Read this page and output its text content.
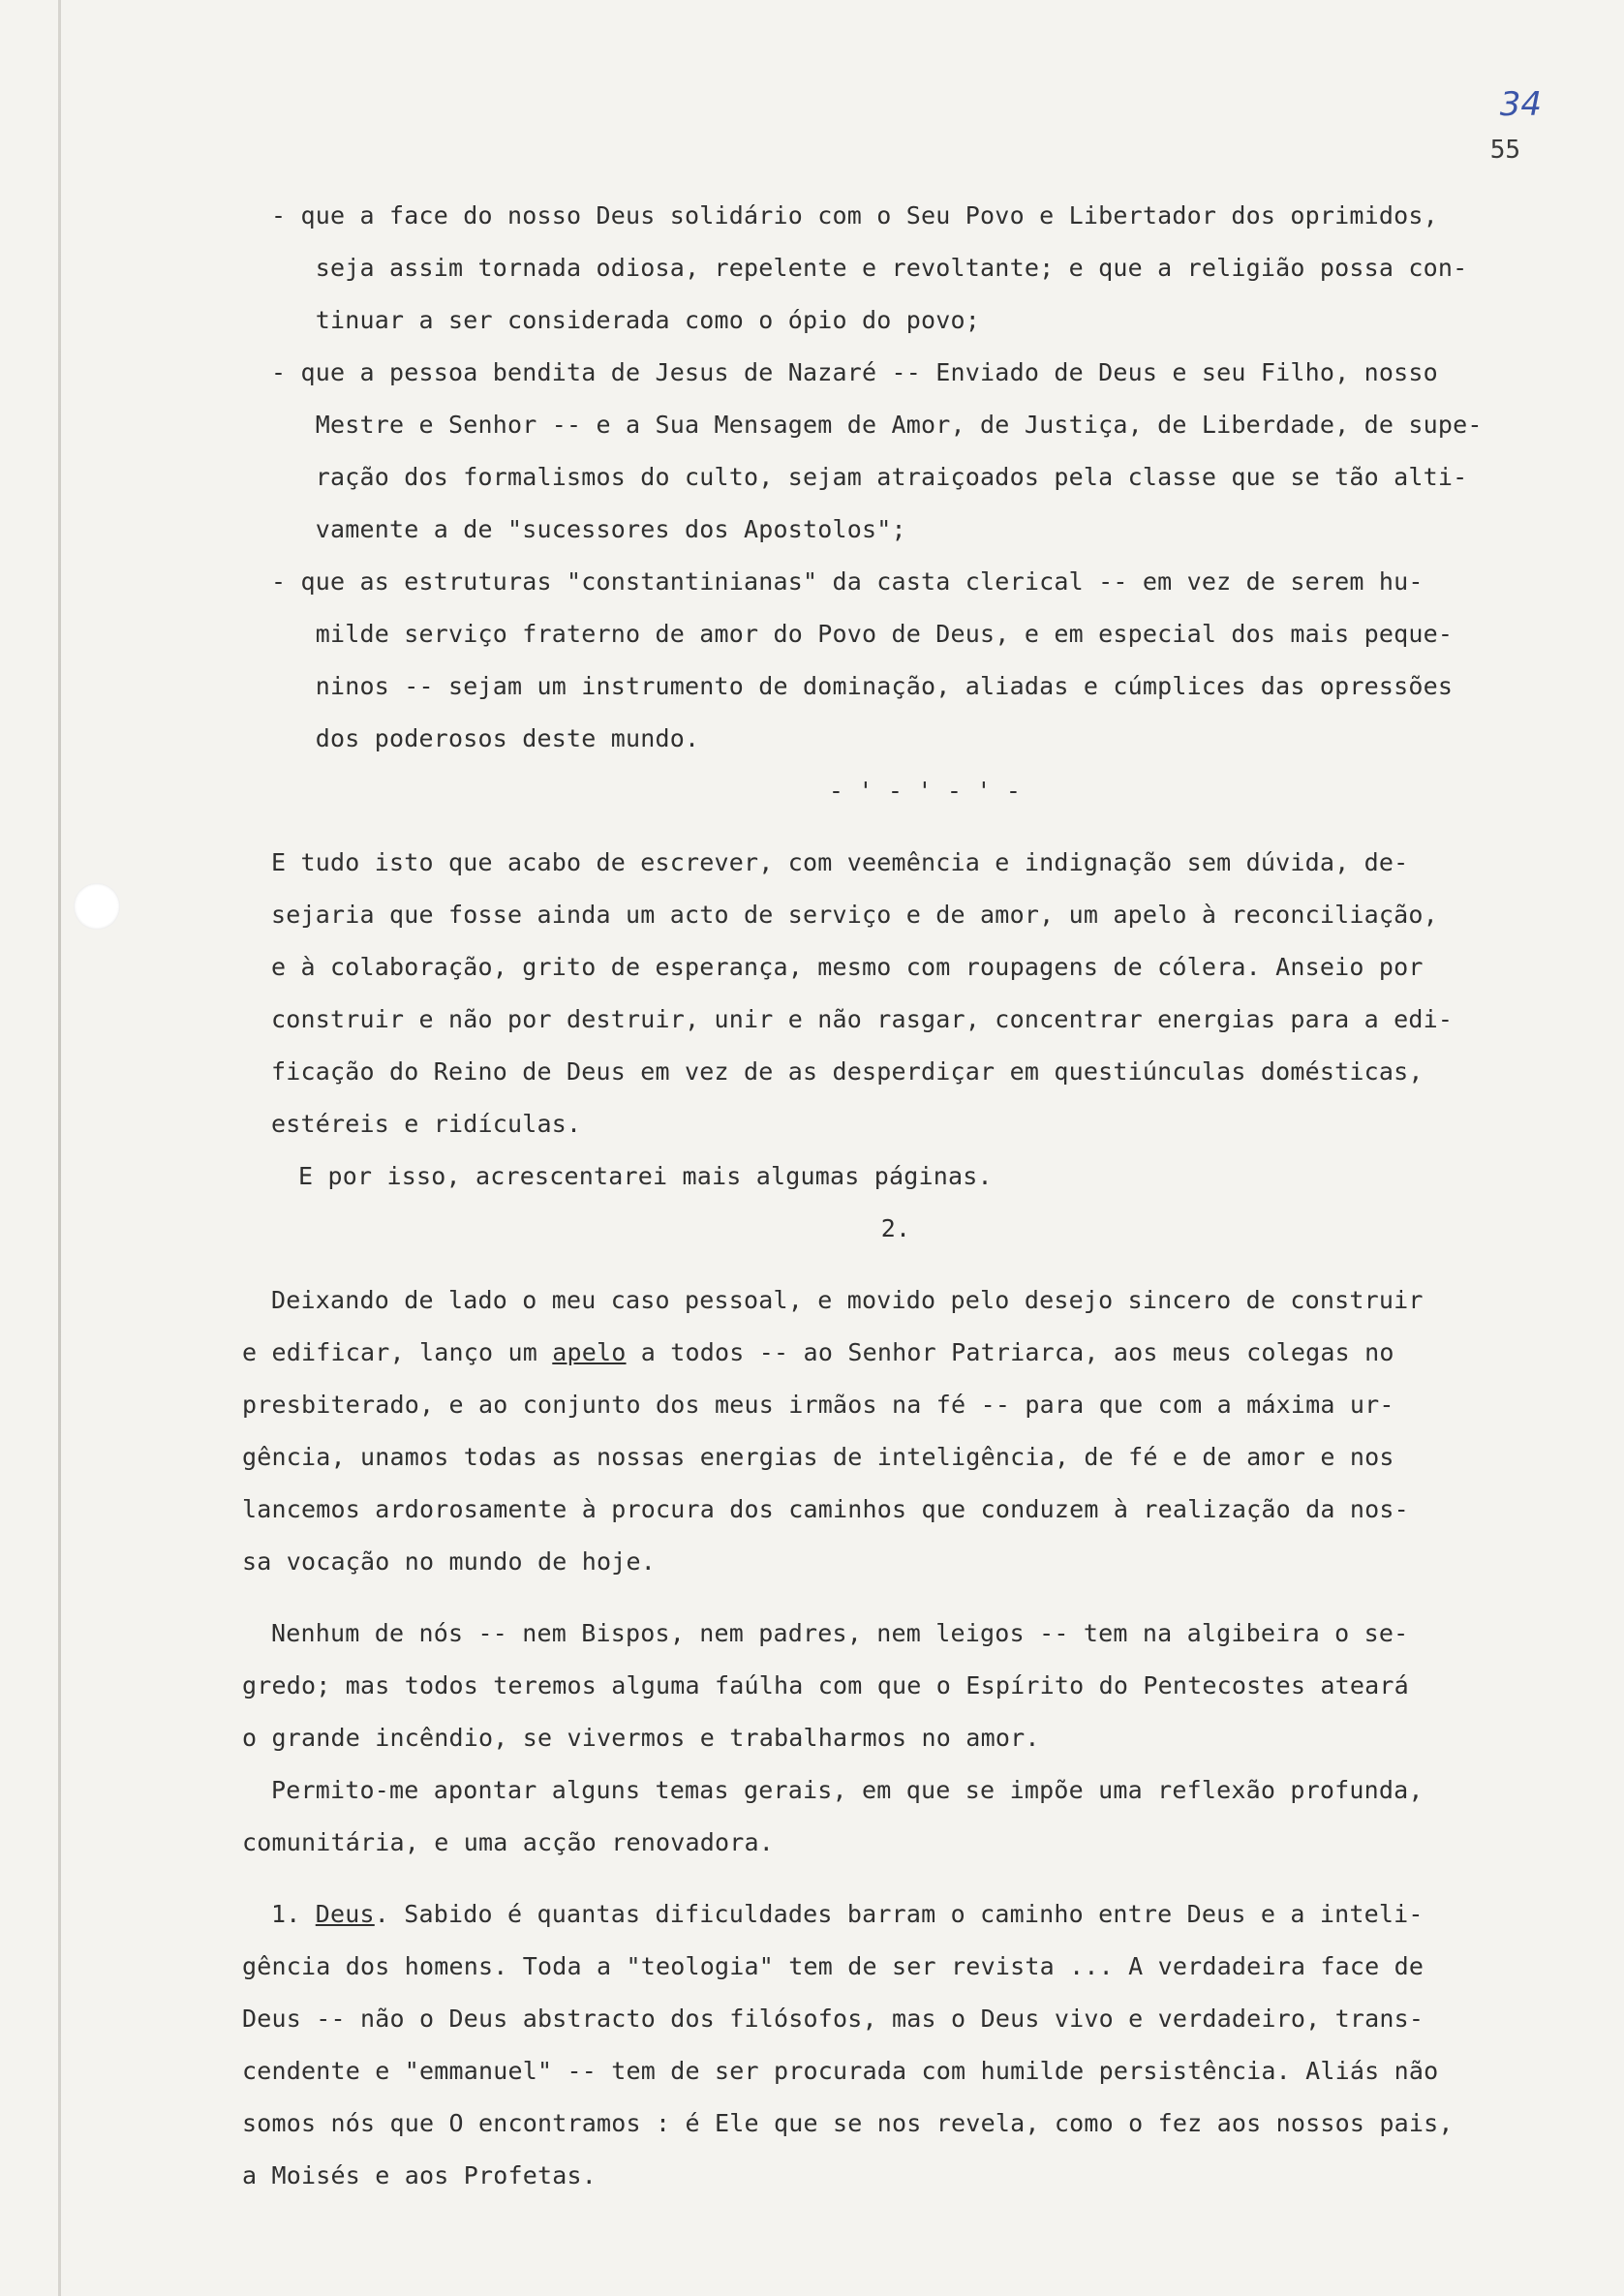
34
55
- que a face do nosso Deus solidário com o Seu Povo e Libertador dos oprimidos,
seja assim tornada odiosa, repelente e revoltante; e que a religião possa con-
tinuar a ser considerada como o ópio do povo;
- que a pessoa bendita de Jesus de Nazaré -- Enviado de Deus e seu Filho, nosso
Mestre e Senhor -- e a Sua Mensagem de Amor, de Justiça, de Liberdade, de supe-
ração dos formalismos do culto, sejam atraiçoados pela classe que se tão alti-
vamente a de "sucessores dos Apostolos";
- que as estruturas "constantinianas" da casta clerical -- em vez de serem hu-
milde serviço fraterno de amor do Povo de Deus, e em especial dos mais peque-
ninos -- sejam um instrumento de dominação, aliadas e cúmplices das opressões
dos poderosos deste mundo.
- ' - ' - ' -
E tudo isto que acabo de escrever, com veemência e indignação sem dúvida, de-
sejaria que fosse ainda um acto de serviço e de amor, um apelo à reconciliação,
e à colaboração, grito de esperança, mesmo com roupagens de cólera. Anseio por
construir e não por destruir, unir e não rasgar, concentrar energias para a edi-
ficação do Reino de Deus em vez de as desperdiçar em questiúnculas domésticas,
estéreis e ridículas.
E por isso, acrescentarei mais algumas páginas.
2.
Deixando de lado o meu caso pessoal, e movido pelo desejo sincero de construir
e edificar, lanço um apelo a todos -- ao Senhor Patriarca, aos meus colegas no
presbiterado, e ao conjunto dos meus irmãos na fé -- para que com a máxima ur-
gência, unamos todas as nossas energias de inteligência, de fé e de amor e nos
lancemos ardorosamente à procura dos caminhos que conduzem à realização da nos-
sa vocação no mundo de hoje.
Nenhum de nós -- nem Bispos, nem padres, nem leigos -- tem na algibeira o se-
gredo; mas todos teremos alguma faúlha com que o Espírito do Pentecostes ateará
o grande incêndio, se vivermos e trabalharmos no amor.
Permito-me apontar alguns temas gerais, em que se impõe uma reflexão profunda,
comunitária, e uma acção renovadora.
1. Deus. Sabido é quantas dificuldades barram o caminho entre Deus e a inteli-
gência dos homens. Toda a "teologia" tem de ser revista ... A verdadeira face de
Deus -- não o Deus abstracto dos filósofos, mas o Deus vivo e verdadeiro, trans-
cendente e "emmanuel" -- tem de ser procurada com humilde persistência. Aliás não
somos nós que O encontramos : é Ele que se nos revela, como o fez aos nossos pais,
a Moisés e aos Profetas.
